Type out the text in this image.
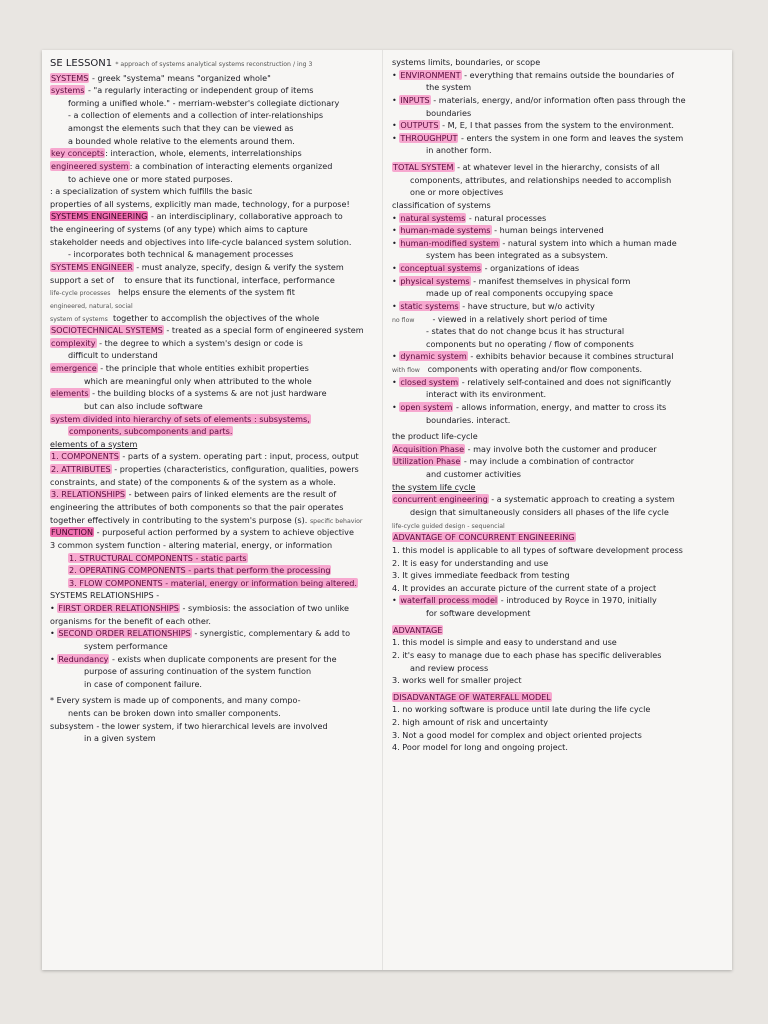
SE LESSON1 * approach of systems analytical systems reconstruction / ing 3
SYSTEMS - greek "systema" means "organized whole"
systems - "a regularly interacting or independent group of items
forming a unified whole." - merriam-webster's collegiate dictionary
- a collection of elements and a collection of inter-relationships
amongst the elements such that they can be viewed as
a bounded whole relative to the elements around them.
key concepts: interaction, whole, elements, interrelationships
engineered system: a combination of interacting elements organized
to achieve one or more stated purposes.
: a specialization of system which fulfills the basic
properties of all systems, explicitly man made, technology, for a purpose!
SYSTEMS ENGINEERING - an interdisciplinary, collaborative approach to
the engineering of systems (of any type) which aims to capture
stakeholder needs and objectives into life-cycle balanced system solution.
- incorporates both technical & management processes
SYSTEMS ENGINEER - must analyze, specify, design & verify the system
support a set of to ensure that its functional, interface, performance
life-cycle processes helps ensure the elements of the system fit
engineered, natural, social
system of systems together to accomplish the objectives of the whole
SOCIOTECHNICAL SYSTEMS - treated as a special form of engineered system
complexity - the degree to which a system's design or code is
difficult to understand
emergence - the principle that whole entities exhibit properties
which are meaningful only when attributed to the whole
elements - the building blocks of a systems & are not just hardware
but can also include software
system divided into hierarchy of sets of elements : subsystems,
components, subcomponents and parts.
elements of a system
1. COMPONENTS - parts of a system. operating part : input, process, output
2. ATTRIBUTES - properties (characteristics, configuration, qualities, powers
constraints, and state) of the components & of the system as a whole.
3. RELATIONSHIPS - between pairs of linked elements are the result of
engineering the attributes of both components so that the pair operates
together effectively in contributing to the system's purpose (s). specific behavior
FUNCTION - purposeful action performed by a system to achieve objective
3 common system function - altering material, energy, or information
1. STRUCTURAL COMPONENTS - static parts
2. OPERATING COMPONENTS - parts that perform the processing
3. FLOW COMPONENTS - material, energy or information being altered.
SYSTEMS RELATIONSHIPS -
• FIRST ORDER RELATIONSHIPS - symbiosis: the association of two unlike
organisms for the benefit of each other.
• SECOND ORDER RELATIONSHIPS - synergistic, complementary & add to
system performance
• Redundancy - exists when duplicate components are present for the
purpose of assuring continuation of the system function
in case of component failure.
* Every system is made up of components, and many compo-
nents can be broken down into smaller components.
subsystem - the lower system, if two hierarchical levels are involved
in a given system
systems limits, boundaries, or scope
• ENVIRONMENT - everything that remains outside the boundaries of
the system
• INPUTS - materials, energy, and/or information often pass through the
boundaries
• OUTPUTS - M, E, I that passes from the system to the environment.
• THROUGHPUT - enters the system in one form and leaves the system
in another form.
TOTAL SYSTEM - at whatever level in the hierarchy, consists of all
components, attributes, and relationships needed to accomplish
one or more objectives
classification of systems
• natural systems - natural processes
• human-made systems - human beings intervened
• human-modified system - natural system into which a human made
system has been integrated as a subsystem.
• conceptual systems - organizations of ideas
• physical systems - manifest themselves in physical form
made up of real components occupying space
• static systems - have structure, but w/o activity
no flow - viewed in a relatively short period of time
- states that do not change bcus it has structural
components but no operating / flow of components
• dynamic system - exhibits behavior because it combines structural
with flow components with operating and/or flow components.
• closed system - relatively self-contained and does not significantly
interact with its environment.
• open system - allows information, energy, and matter to cross its
boundaries. interact.
the product life-cycle
Acquisition Phase - may involve both the customer and producer
Utilization Phase - may include a combination of contractor
and customer activities
the system life cycle
concurrent engineering - a systematic approach to creating a system
design that simultaneously considers all phases of the life cycle
life-cycle guided design - sequencial
ADVANTAGE OF CONCURRENT ENGINEERING
1. this model is applicable to all types of software development process
2. It is easy for understanding and use
3. It gives immediate feedback from testing
4. It provides an accurate picture of the current state of a project
• waterfall process model - introduced by Royce in 1970, initially
for software development
ADVANTAGE
1. this model is simple and easy to understand and use
2. it's easy to manage due to each phase has specific deliverables
and review process
3. works well for smaller project
DISADVANTAGE OF WATERFALL MODEL
1. no working software is produce until late during the life cycle
2. high amount of risk and uncertainty
3. Not a good model for complex and object oriented projects
4. Poor model for long and ongoing project.
